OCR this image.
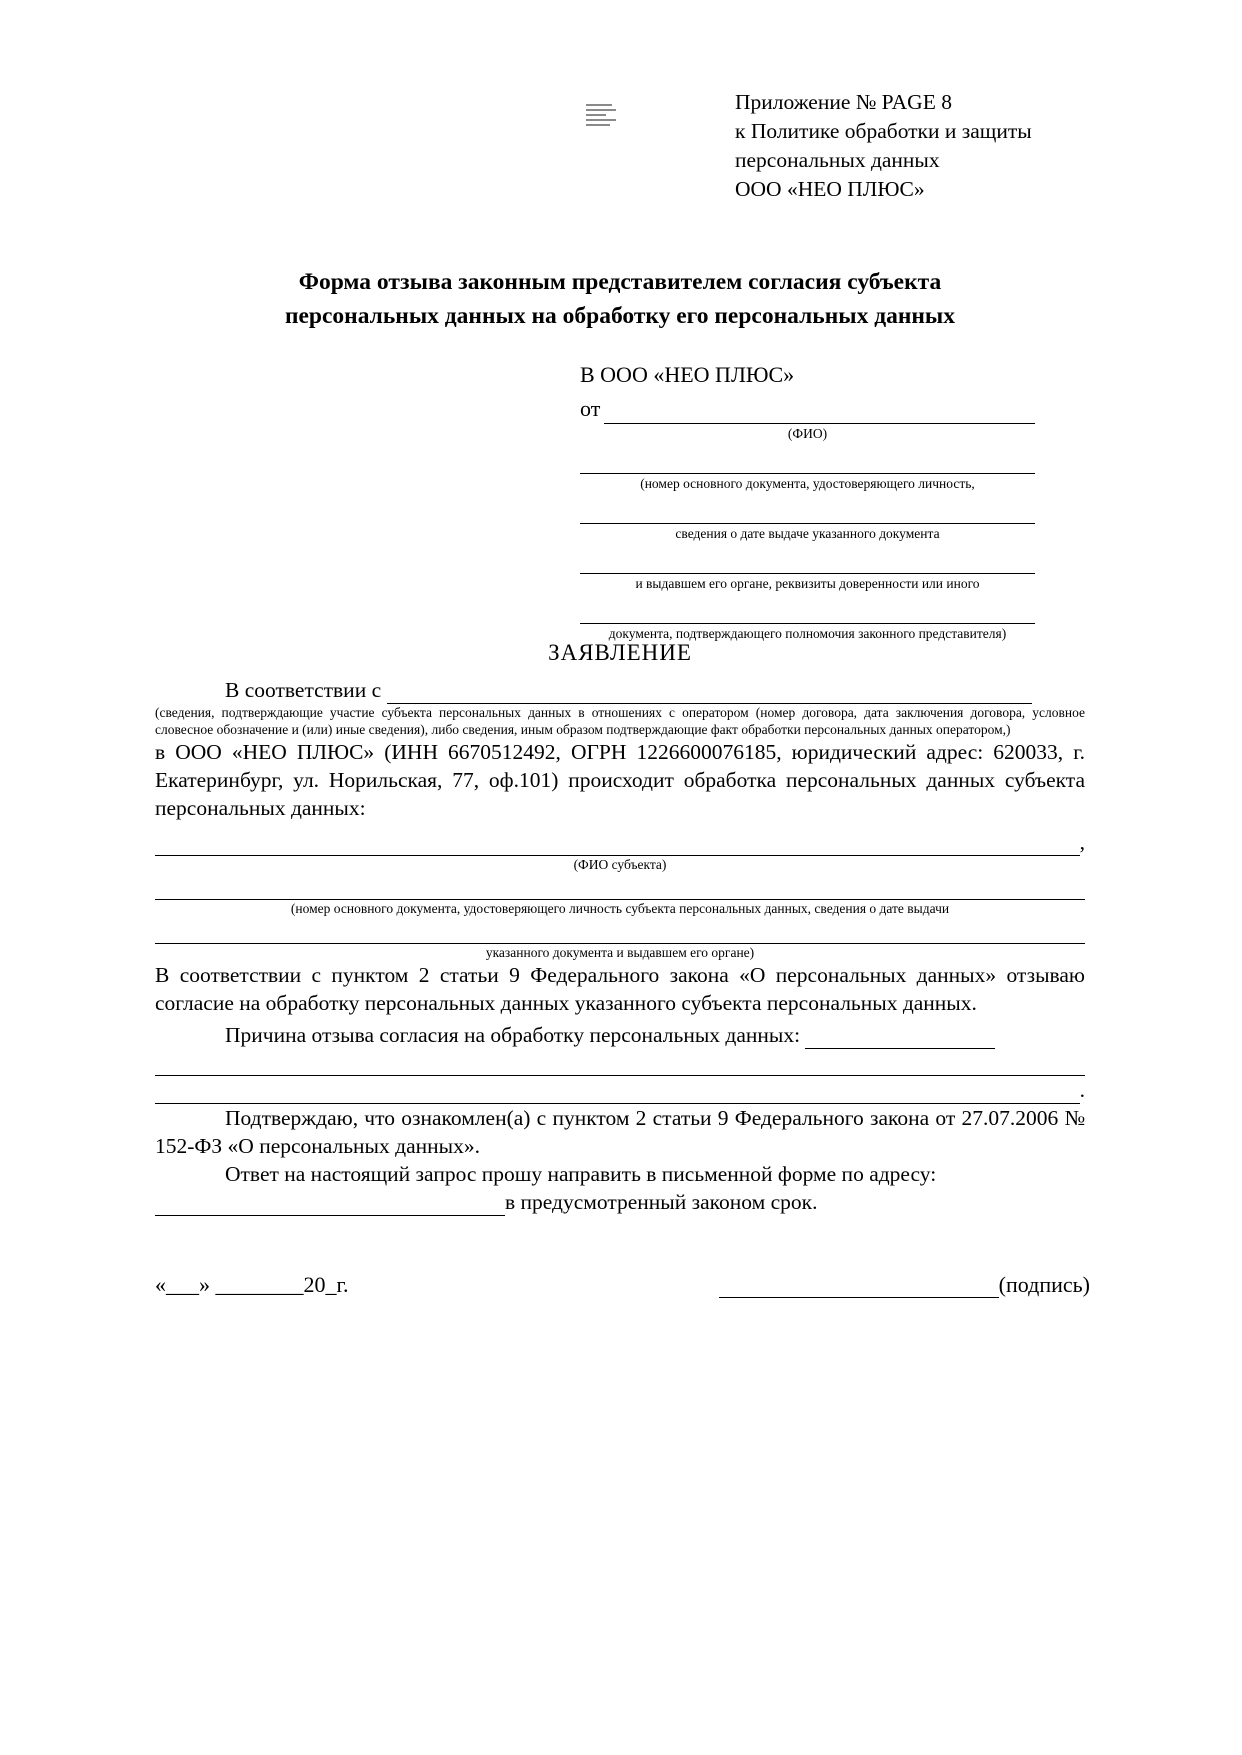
Приложение № PAGE 8
к Политике обработки и защиты
персональных данных
ООО «НЕО ПЛЮС»
Форма отзыва законным представителем согласия субъекта
персональных данных на обработку его персональных данных
В ООО «НЕО ПЛЮС»
от
(ФИО)
(номер основного документа, удостоверяющего личность,
сведения о дате выдаче указанного документа
и выдавшем его органе, реквизиты доверенности или иного
документа, подтверждающего полномочия законного представителя)
ЗАЯВЛЕНИЕ

В соответствии с

(сведения, подтверждающие участие субъекта персональных данных в отношениях с оператором (номер договора, дата заключения договора, условное словесное обозначение и (или) иные сведения), либо сведения, иным образом подтверждающие факт обработки персональных данных оператором,)

в ООО «НЕО ПЛЮС» (ИНН 6670512492, ОГРН 1226600076185, юридический адрес: 620033, г. Екатеринбург, ул. Норильская, 77, оф.101) происходит обработка персональных данных субъекта персональных данных:

,
(ФИО субъекта)
(номер основного документа, удостоверяющего личность субъекта персональных данных, сведения о дате выдачи
указанного документа и выдавшем его органе)

В соответствии с пунктом 2 статьи 9 Федерального закона «О персональных данных» отзываю согласие на обработку персональных данных указанного субъекта персональных данных.

Причина отзыва согласия на обработку персональных данных:

.

Подтверждаю, что ознакомлен(а) с пунктом 2 статьи 9 Федерального закона от 27.07.2006 № 152-ФЗ «О персональных данных».

Ответ на настоящий запрос прошу направить в письменной форме по адресу:

в предусмотренный законом срок.

«___» ________20_г.	(подпись)
